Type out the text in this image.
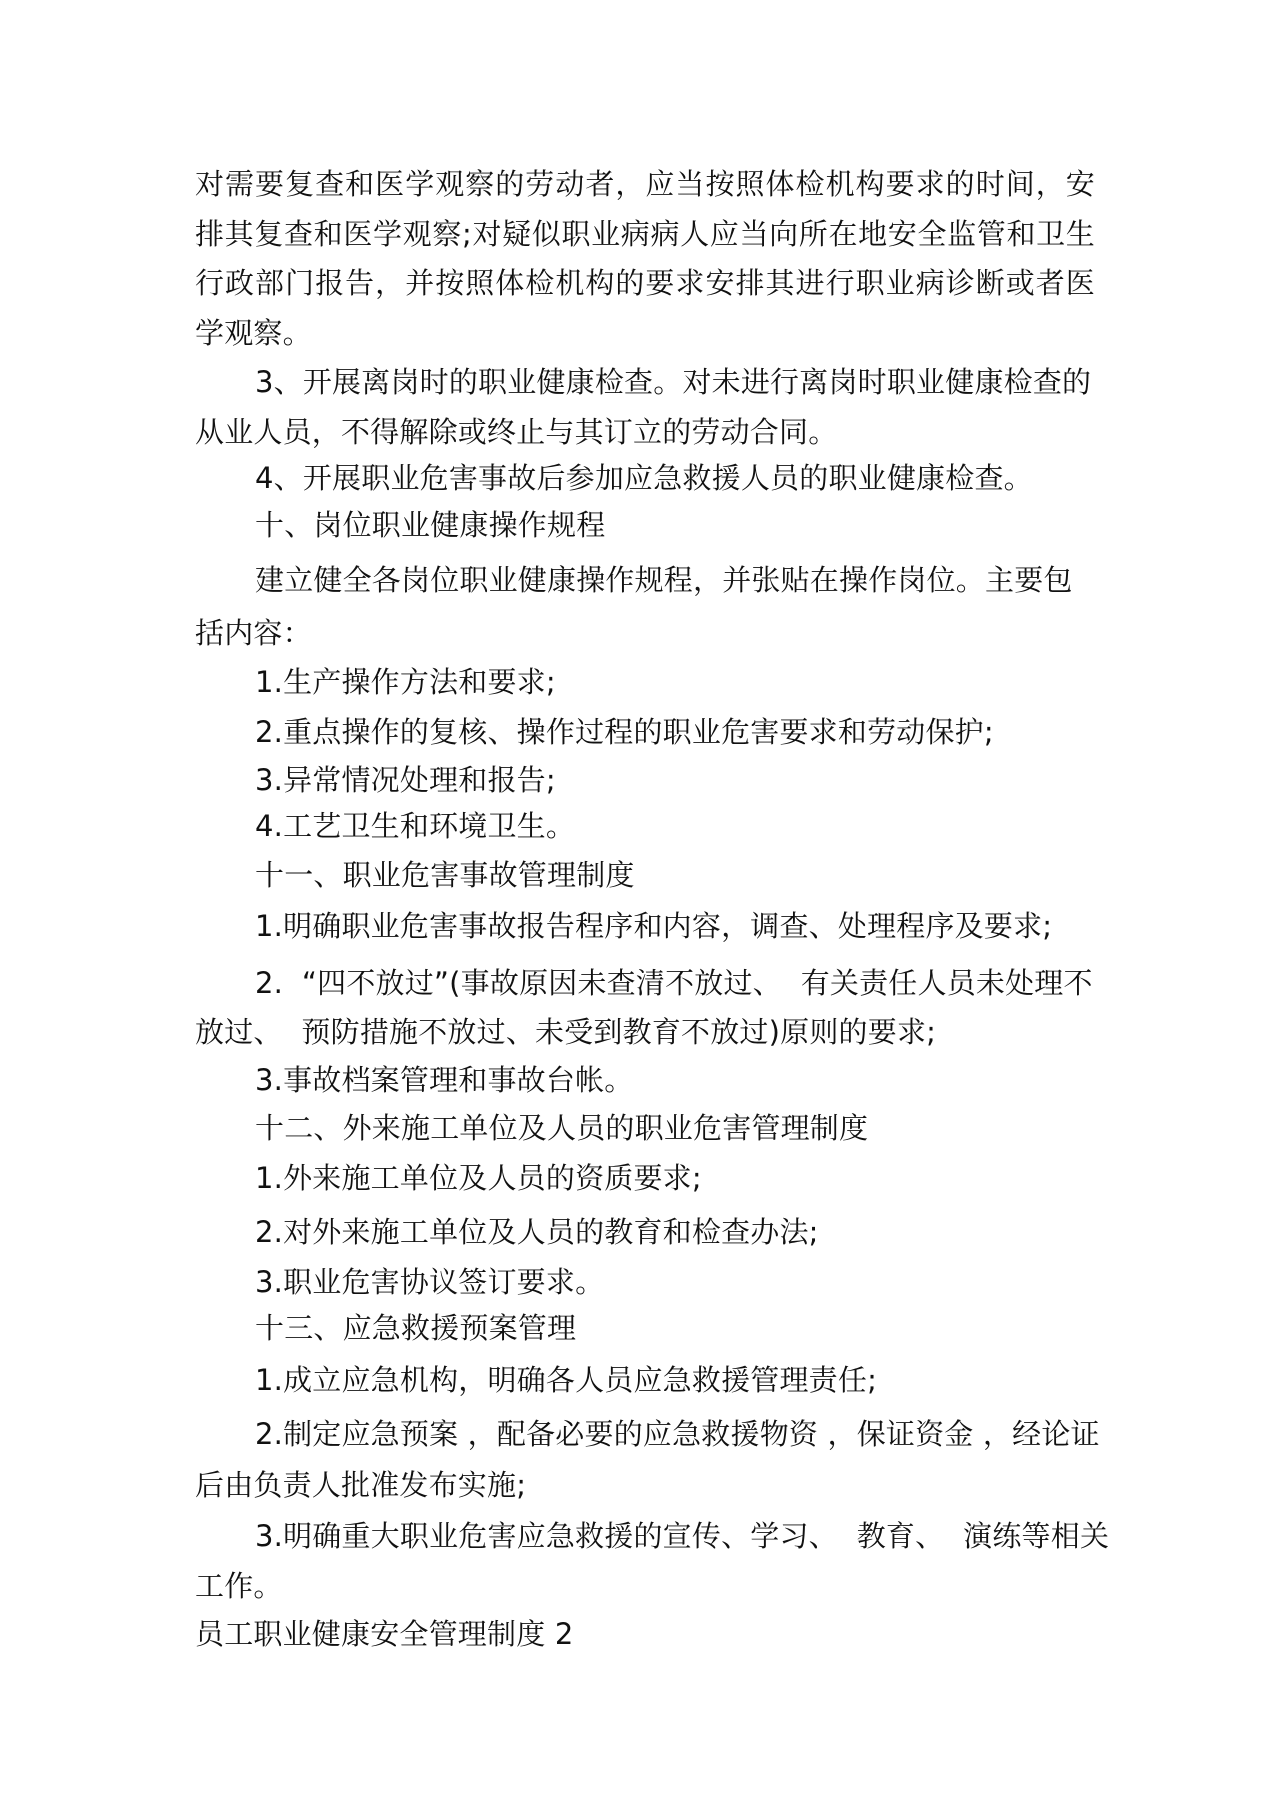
对需要复查和医学观察的劳动者，应当按照体检机构要求的时间，安
排其复查和医学观察;对疑似职业病病人应当向所在地安全监管和卫生
行政部门报告，并按照体检机构的要求安排其进行职业病诊断或者医
学观察。
3、开展离岗时的职业健康检查。对未进行离岗时职业健康检查的
从业人员，不得解除或终止与其订立的劳动合同。
4、开展职业危害事故后参加应急救援人员的职业健康检查。
十、岗位职业健康操作规程
建立健全各岗位职业健康操作规程，并张贴在操作岗位。主要包
括内容：
1.生产操作方法和要求;
2.重点操作的复核、操作过程的职业危害要求和劳动保护;
3.异常情况处理和报告;
4.工艺卫生和环境卫生。
十一、职业危害事故管理制度
1.明确职业危害事故报告程序和内容，调查、处理程序及要求;
2.  “四不放过”(事故原因未查清不放过、  有关责任人员未处理不
放过、  预防措施不放过、未受到教育不放过)原则的要求;
3.事故档案管理和事故台帐。
十二、外来施工单位及人员的职业危害管理制度
1.外来施工单位及人员的资质要求;
2.对外来施工单位及人员的教育和检查办法;
3.职业危害协议签订要求。
十三、应急救援预案管理
1.成立应急机构，明确各人员应急救援管理责任;
2.制定应急预案 ，配备必要的应急救援物资 ，保证资金 ，经论证
后由负责人批准发布实施;
3.明确重大职业危害应急救援的宣传、学习、  教育、  演练等相关
工作。
员工职业健康安全管理制度 2
